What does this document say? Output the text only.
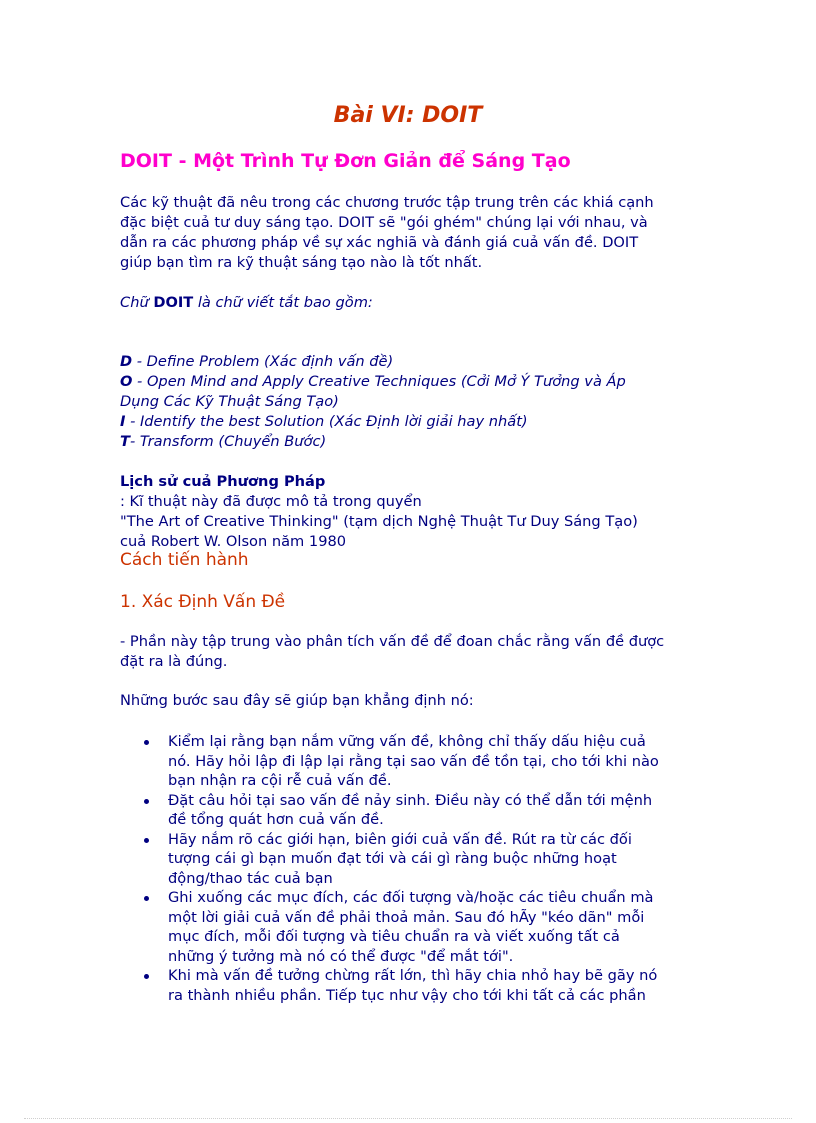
Bài VI: DOIT
DOIT - Một Trình Tự Đơn Giản để Sáng Tạo

Các kỹ thuật đã nêu trong các chương trước tập trung trên các khiá cạnh
đặc biệt cuả tư duy sáng tạo. DOIT sẽ "gói ghém" chúng lại với nhau, và
dẫn ra các phương pháp về sự xác nghiã và đánh giá cuả vấn đề. DOIT
giúp bạn tìm ra kỹ thuật sáng tạo nào là tốt nhất.

Chữ DOIT là chữ viết tắt bao gồm:

D - Define Problem (Xác định vấn đề)
O - Open Mind and Apply Creative Techniques (Cởi Mở Ý Tưởng và Áp
Dụng Các Kỹ Thuật Sáng Tạo)
I - Identify the best Solution (Xác Định lời giải hay nhất)
T- Transform (Chuyển Bước)

Lịch sử cuả Phương Pháp
: Kĩ thuật này đã được mô tả trong quyển
"The Art of Creative Thinking" (tạm dịch Nghệ Thuật Tư Duy Sáng Tạo)
cuả Robert W. Olson năm 1980

Cách tiến hành
1. Xác Định Vấn Đề

- Phần này tập trung vào phân tích vấn đề để đoan chắc rằng vấn đề được
đặt ra là đúng.

Những bước sau đây sẽ giúp bạn khẳng định nó:

Kiểm lại rằng bạn nắm vững vấn đề, không chỉ thấy dấu hiệu cuả
nó. Hãy hỏi lập đi lập lại rằng tại sao vấn đề tồn tại, cho tới khi nào
bạn nhận ra cội rễ cuả vấn đề.
Đặt câu hỏi tại sao vấn đề nảy sinh. Điều này có thể dẫn tới mệnh
đề tổng quát hơn cuả vấn đề.
Hãy nắm rõ các giới hạn, biên giới cuả vấn đề. Rút ra từ các đối
tượng cái gì bạn muốn đạt tới và cái gì ràng buộc những hoạt
động/thao tác cuả bạn
Ghi xuống các mục đích, các đối tượng và/hoặc các tiêu chuẩn mà
một lời giải cuả vấn đề phải thoả mản. Sau đó hÃy "kéo dãn" mỗi
mục đích, mỗi đối tượng và tiêu chuẩn ra và viết xuống tất cả
những ý tưởng mà nó có thể được "để mắt tới".
Khi mà vấn đề tưởng chừng rất lớn, thì hãy chia nhỏ hay bẽ gãy nó
ra thành nhiều phần. Tiếp tục như vậy cho tới khi tất cả các phần
